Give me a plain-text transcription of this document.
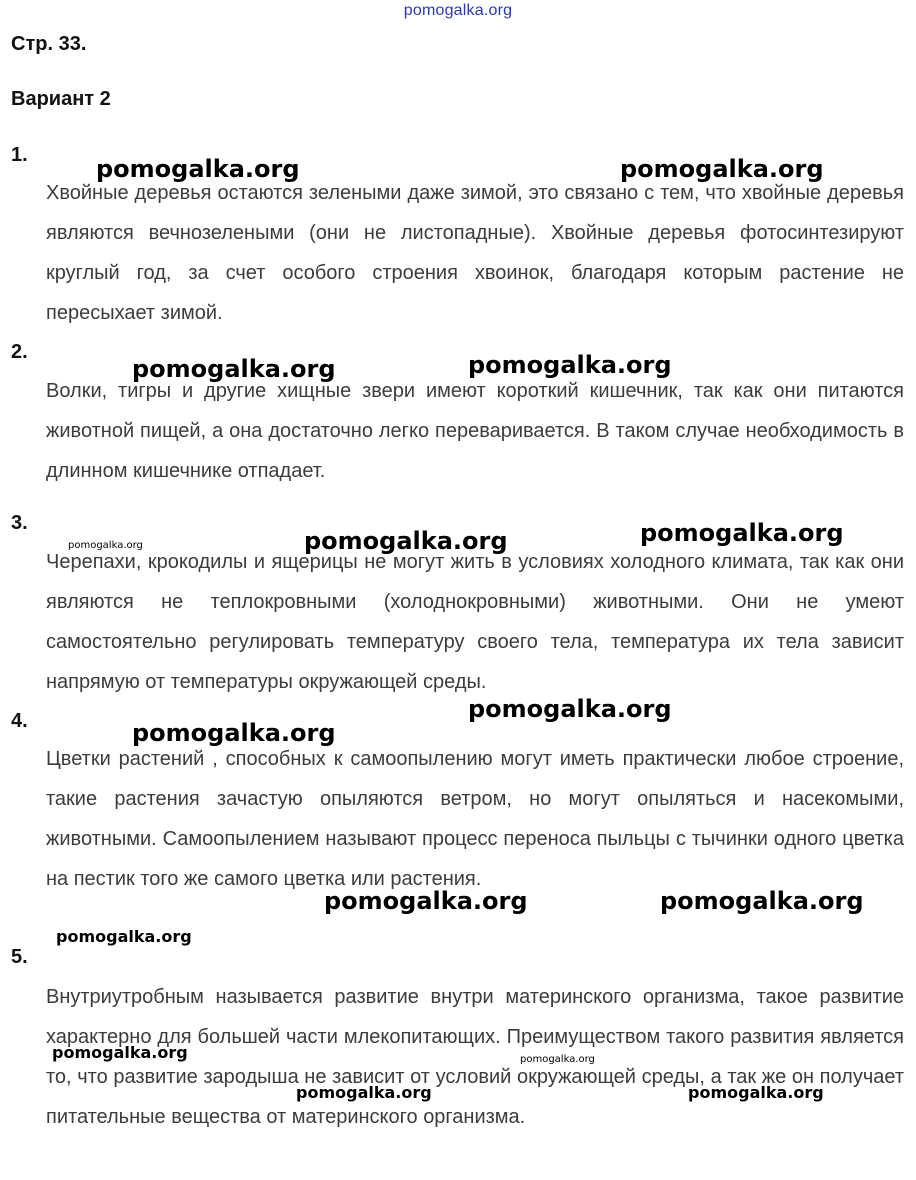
pomogalka.org
Стр. 33.
Вариант 2
1.

Хвойные деревья остаются зелеными даже зимой, это связано с тем, что хвойные деревья являются вечнозелеными (они не листопадные). Хвойные деревья фотосинтезируют круглый год, за счет особого строения хвоинок, благодаря которым растение не пересыхает зимой.

2.

Волки, тигры и другие хищные звери имеют короткий кишечник, так как они питаются животной пищей, а она достаточно легко переваривается. В таком случае необходимость в длинном кишечнике отпадает.

3.

Черепахи, крокодилы и ящерицы не могут жить в условиях холодного климата, так как они являются не теплокровными (холоднокровными) животными. Они не умеют самостоятельно регулировать температуру своего тела, температура их тела зависит напрямую от температуры окружающей среды.

4.

Цветки растений , способных к самоопылению могут иметь практически любое строение, такие растения зачастую опыляются ветром, но могут опыляться и насекомыми, животными. Самоопылением называют процесс переноса пыльцы с тычинки одного цветка на пестик того же самого цветка или растения.

5.

Внутриутробным называется развитие внутри материнского организма, такое развитие характерно для большей части млекопитающих. Преимуществом такого развития является то, что развитие зародыша не зависит от условий окружающей среды, а так же он получает питательные вещества от материнского организма.

pomogalka.org	pomogalka.org
pomogalka.org	pomogalka.org
pomogalka.org	pomogalka.org	pomogalka.org
pomogalka.org
pomogalka.org
pomogalka.org	pomogalka.org
pomogalka.org
pomogalka.org	pomogalka.org
pomogalka.org	pomogalka.org
